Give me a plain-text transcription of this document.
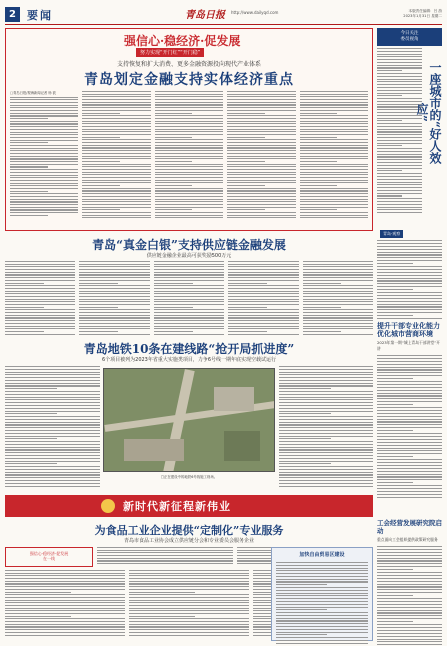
2	要闻	青岛日报 http://www.dailyqd.com	本版责任编辑：吕 游
2023年1月31日 星期二
强信心·稳经济·促发展
努力实现“开门红”“开门稳”
支持恢复和扩大消费、更多金融资源投向现代产业体系
青岛划定金融支持实体经济重点
□青岛日报/观海新闻记者 杨 波
今日关注
委员视角
一座城市的“好人效应”
青岛·观察
青岛“真金白银”支持供应链金融发展
供应链金融企业最高可获奖励500万元
青岛地铁10条在建线路“抢开局抓进度”
6个项目被列为2023年省重大实施类项目，力争6号线一期年底实现空载试运行
□正在建设中的地铁6号线施工现场。
提升干部专业化能力优化城市营商环境
2023年第一期“城上青岛干部讲堂”开讲
新时代新征程新伟业
为食品工业企业提供“定制化”专业服务
青岛市食品工业协会成立供应链分会和专业委员会服务企业
强信心·稳经济·促发展
在一线
加快自由贸易区建设
工会经营发展研究院启动
重点面向工会组织提供政策研究服务
